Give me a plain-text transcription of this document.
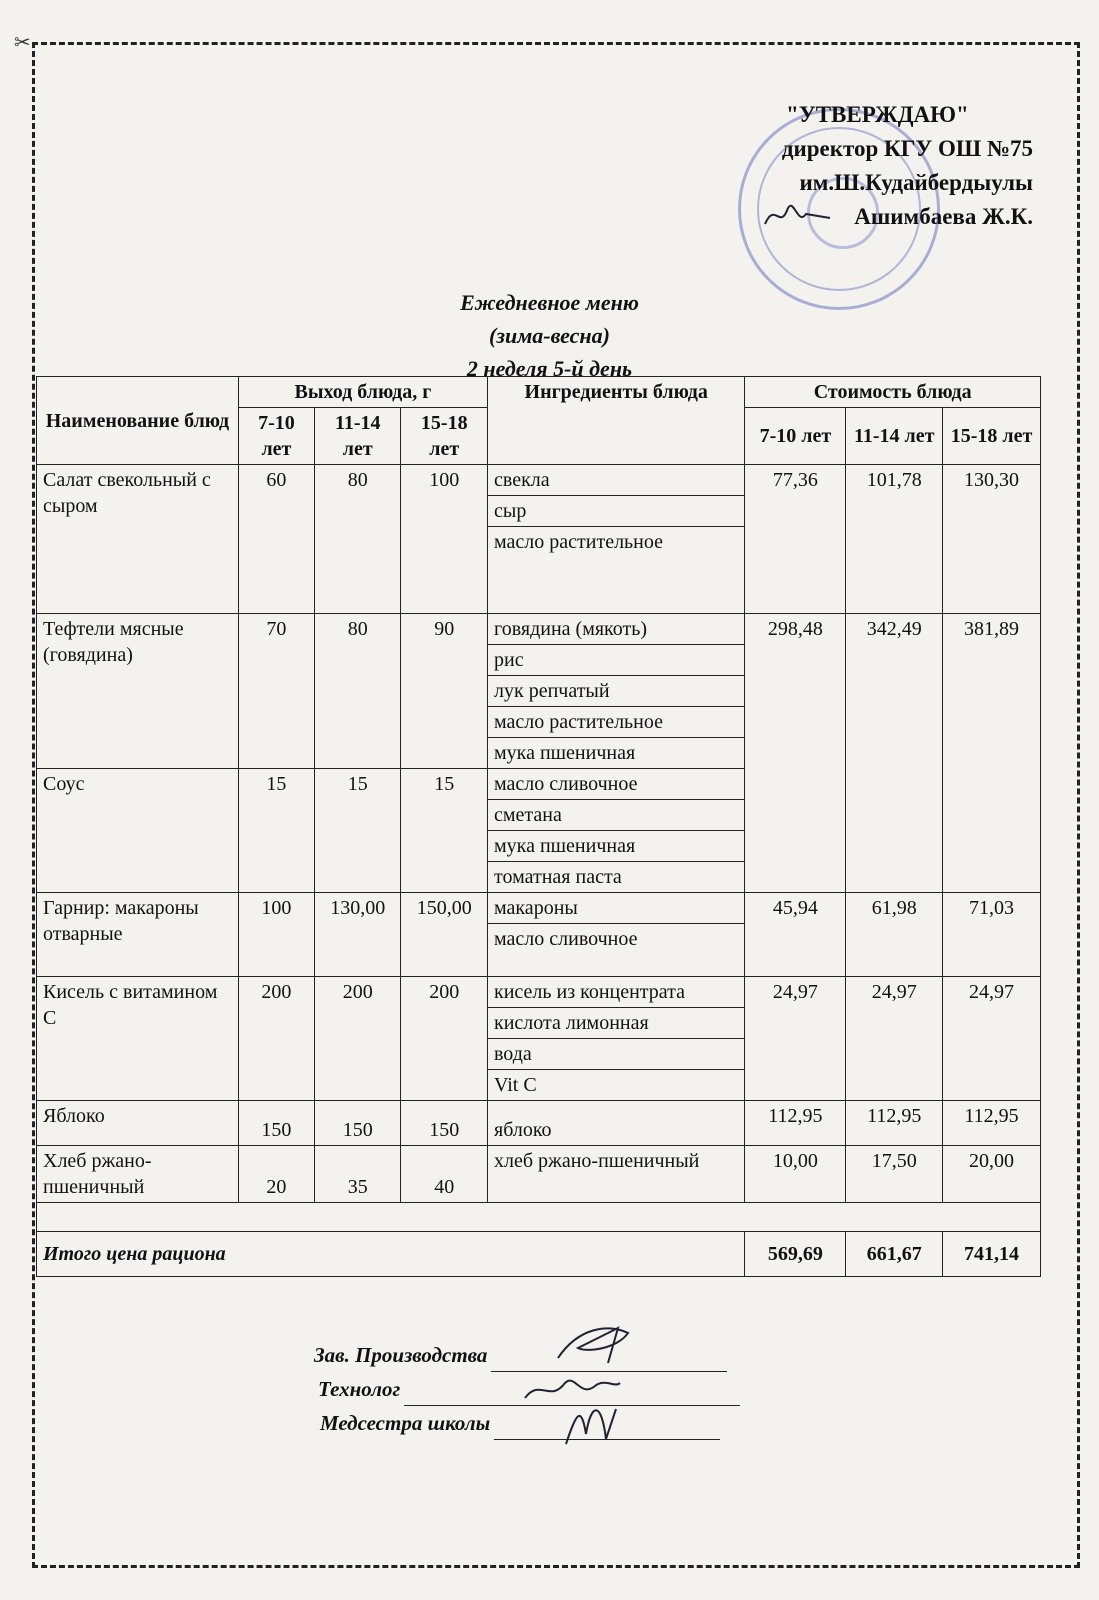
✂
"УТВЕРЖДАЮ"
директор КГУ ОШ №75
им.Ш.Кудайбердыулы
Ашимбаева Ж.К.
Ежедневное меню
(зима-весна)
2 неделя 5-й день
Наименование блюд	Выход блюда, г			Ингредиенты блюда	Стоимость блюда		
	7-10 лет	11-14 лет	15-18 лет		7-10 лет	11-14 лет	15-18 лет
Салат свекольный с сыром	60	80	100	свекла	77,36	101,78	130,30
				сыр			
				масло растительное			
Тефтели мясные (говядина)	70	80	90	говядина (мякоть)	298,48	342,49	381,89
				рис			
				лук репчатый			
				масло растительное			
				мука пшеничная			
Соус	15	15	15	масло сливочное			
				сметана			
				мука пшеничная			
				томатная паста			
Гарнир: макароны отварные	100	130,00	150,00	макароны	45,94	61,98	71,03
				масло сливочное			
Кисель с витамином С	200	200	200	кисель из концентрата	24,97	24,97	24,97
				кислота лимонная			
				вода			
				Vit C			
Яблоко	150	150	150	яблоко	112,95	112,95	112,95
Хлеб ржано-пшеничный	20	35	40	хлеб ржано-пшеничный	10,00	17,50	20,00

Итого цена рациона					569,69	661,67	741,14
Зав. Производства
Технолог
Медсестра школы
